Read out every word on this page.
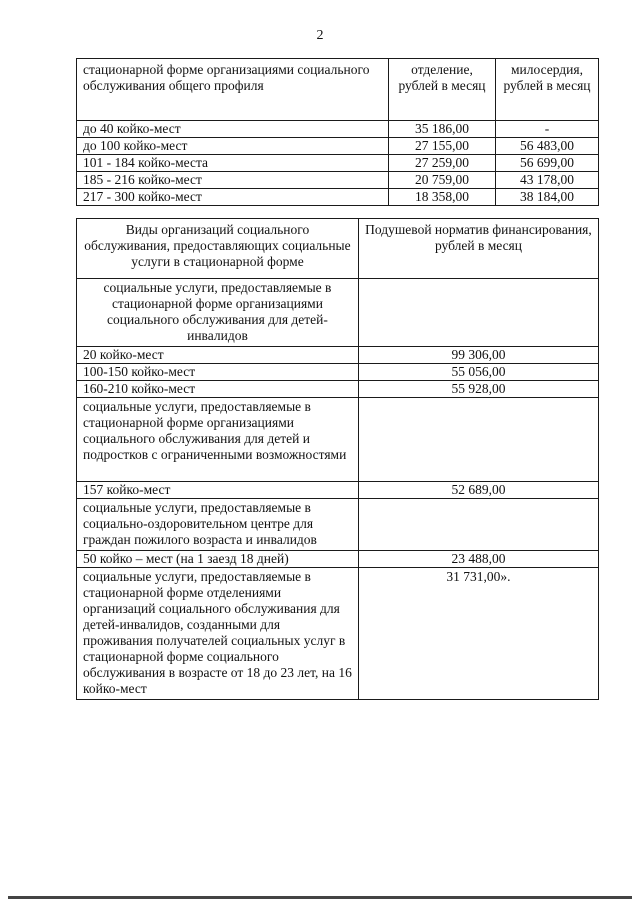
2
стационарной форме организациями социального обслуживания общего профиля	отделение, рублей в месяц	милосердия, рублей в месяц
до 40 койко-мест	35 186,00	-
до 100 койко-мест	27 155,00	56 483,00
101 - 184 койко-места	27 259,00	56 699,00
185 - 216 койко-мест	20 759,00	43 178,00
217 - 300 койко-мест	18 358,00	38 184,00
Виды организаций социального обслуживания, предоставляющих социальные услуги в стационарной форме	Подушевой норматив финансирования, рублей в месяц
социальные услуги, предоставляемые в стационарной форме организациями социального обслуживания для детей-инвалидов	
20 койко-мест	99 306,00
100-150 койко-мест	55 056,00
160-210 койко-мест	55 928,00
социальные услуги, предоставляемые в стационарной форме организациями социального обслуживания для детей и подростков с ограниченными возможностями	
157 койко-мест	52 689,00
социальные услуги, предоставляемые в социально-оздоровительном центре для граждан пожилого возраста и инвалидов	
50 койко – мест (на 1 заезд 18 дней)	23 488,00
социальные услуги, предоставляемые в стационарной форме отделениями организаций социального обслуживания для детей-инвалидов, созданными для проживания получателей социальных услуг в стационарной форме социального обслуживания в возрасте от 18 до 23 лет, на 16 койко-мест	31 731,00».
